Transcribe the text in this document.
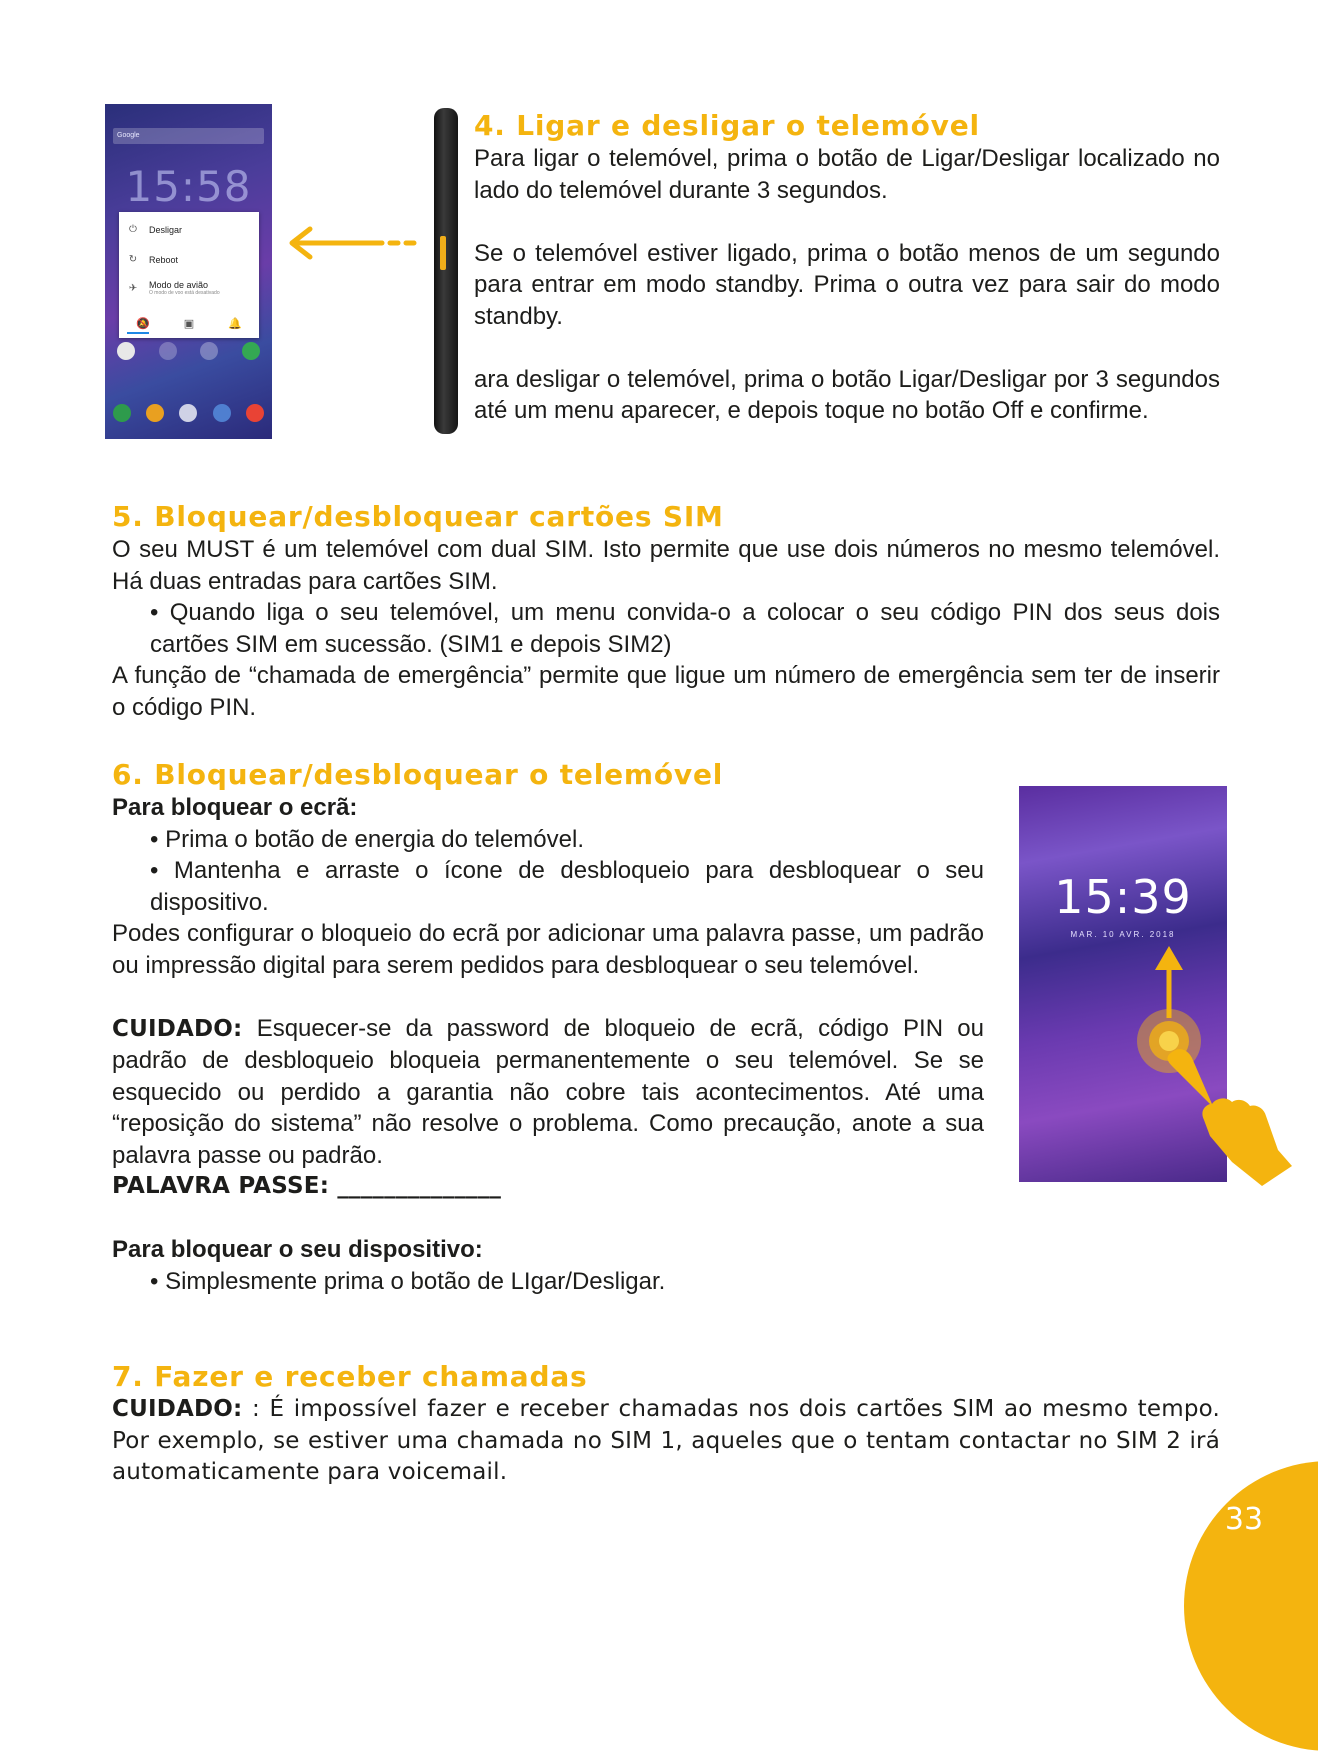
Google
15:58
⏻ Desligar
↻ Reboot
✈ Modo de avião
O modo de voo está desativado
🔕	▣	🔔
4. Ligar e desligar o telemóvel

Para ligar o telemóvel, prima o botão de Ligar/Desligar localizado no lado do telemóvel durante 3 segundos.

Se o telemóvel estiver ligado, prima o botão menos de um segundo para entrar em modo standby. Prima o outra vez para sair do modo standby.

ara desligar o telemóvel, prima o botão Ligar/Desligar por 3 segundos até um menu aparecer, e depois toque no botão Off e confirme.

5. Bloquear/desbloquear cartões SIM

O seu MUST é um telemóvel com dual SIM. Isto permite que use dois números no mesmo telemóvel. Há duas entradas para cartões SIM.

• Quando liga o seu telemóvel, um menu convida-o a colocar o seu código PIN dos seus dois cartões SIM em sucessão. (SIM1 e depois SIM2)

A função de “chamada de emergência” permite que ligue um número de emergência sem ter de inserir o código PIN.

6. Bloquear/desbloquear o telemóvel

Para bloquear o ecrã:

• Prima o botão de energia do telemóvel.

• Mantenha e arraste o ícone de desbloqueio para desbloquear o seu dispositivo.

Podes configurar o bloqueio do ecrã por adicionar uma palavra passe, um padrão ou impressão digital para serem pedidos para desbloquear o seu telemóvel.

CUIDADO: Esquecer-se da password de bloqueio de ecrã, código PIN ou padrão de desbloqueio bloqueia permanentemente o seu telemóvel. Se se esquecido ou perdido a garantia não cobre tais acontecimentos. Até uma “reposição do sistema” não resolve o problema. Como precaução, anote a sua palavra passe ou padrão.

PALAVRA PASSE: ______________

Para bloquear o seu dispositivo:

• Simplesmente prima o botão de LIgar/Desligar.

15:39
MAR. 10 AVR. 2018
7. Fazer e receber chamadas

CUIDADO: : É impossível fazer e receber chamadas nos dois cartões SIM ao mesmo tempo. Por exemplo, se estiver uma chamada no SIM 1, aqueles que o tentam contactar no SIM 2 irá automaticamente para voicemail.

33
